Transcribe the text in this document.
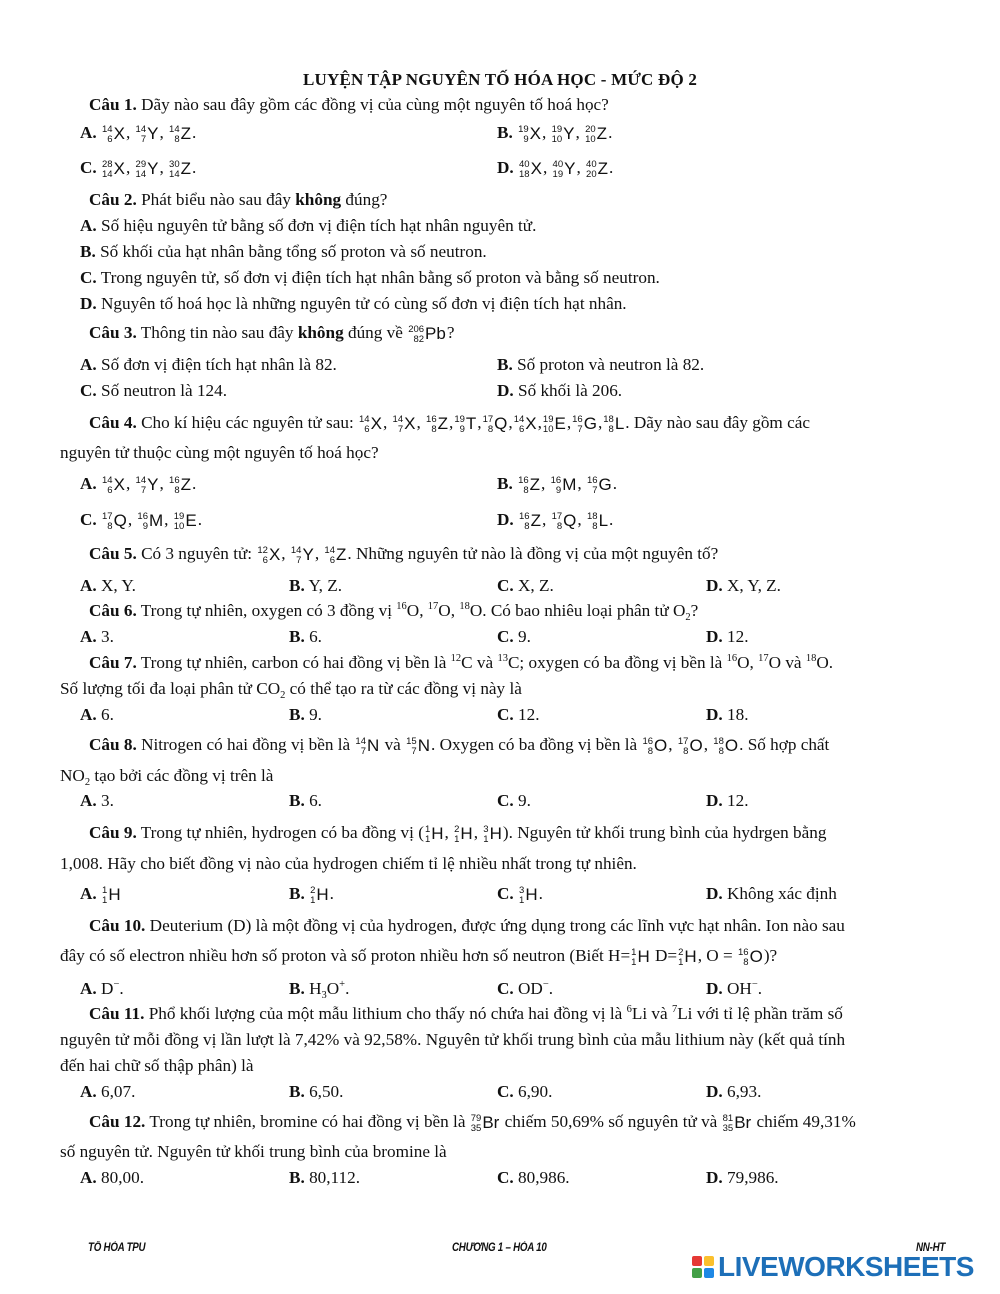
LUYỆN TẬP NGUYÊN TỐ HÓA HỌC - MỨC ĐỘ 2
Câu 1. Dãy nào sau đây gồm các đồng vị của cùng một nguyên tố hoá học?
A. 14
6 X , 14
7 Y , 14
8 Z .	B. 19
9 X , 19
10 Y , 20
10 Z .
C. 28
14 X , 29
14 Y , 30
14 Z .	D. 40
18 X , 40
19 Y , 40
20 Z .
Câu 2. Phát biểu nào sau đây không đúng?
A. Số hiệu nguyên tử bằng số đơn vị điện tích hạt nhân nguyên tử.
B. Số khối của hạt nhân bằng tổng số proton và số neutron.
C. Trong nguyên tử, số đơn vị điện tích hạt nhân bằng số proton và bằng số neutron.
D. Nguyên tố hoá học là những nguyên tử có cùng số đơn vị điện tích hạt nhân.
Câu 3. Thông tin nào sau đây không đúng về 206
82 Pb ?
A. Số đơn vị điện tích hạt nhân là 82.	B. Số proton và neutron là 82.
C. Số neutron là 124.	D. Số khối là 206.
Câu 4. Cho kí hiệu các nguyên tử sau: 14
6 X, 14
7 X, 16
8 Z, 19
9 T, 17
8 Q, 14
6 X, 19
10 E, 16
7 G, 18
8 L. Dãy nào sau đây gồm các
nguyên tử thuộc cùng một nguyên tố hoá học?
A. 14
6 X, 14
7 Y, 16
8 Z.	B. 16
8 Z, 16
9 M, 16
7 G.
C. 17
8 Q, 16
9 M, 19
10 E.	D. 16
8 Z, 17
8 Q, 18
8 L.
Câu 5. Có 3 nguyên tử: 12
6 X, 14
7 Y, 14
6 Z. Những nguyên tử nào là đồng vị của một nguyên tố?
A. X, Y.	B. Y, Z.	C. X, Z.	D. X, Y, Z.
Câu 6. Trong tự nhiên, oxygen có 3 đồng vị $^{16}$O, $^{17}$O, $^{18}$O. Có bao nhiêu loại phân tử $O_2$?
A. 3.	B. 6.	C. 9.	D. 12.
Câu 7. Trong tự nhiên, carbon có hai đồng vị bền là $^{12}$C và $^{13}$C; oxygen có ba đồng vị bền là $^{16}$O, $^{17}$O và $^{18}$O.
Số lượng tối đa loại phân tử $CO_2$ có thể tạo ra từ các đồng vị này là
A. 6.	B. 9.	C. 12.	D. 18.
Câu 8. Nitrogen có hai đồng vị bền là 14
7 N và 15
7 N. Oxygen có ba đồng vị bền là 16
8 O, 17
8 O, 18
8 O. Số hợp chất
$NO_2$ tạo bởi các đồng vị trên là
A. 3.	B. 6.	C. 9.	D. 12.
Câu 9. Trong tự nhiên, hydrogen có ba đồng vị ( 1
1 H, 2
1 H, 3
1 H). Nguyên tử khối trung bình của hydrgen bằng
1,008. Hãy cho biết đồng vị nào của hydrogen chiếm tỉ lệ nhiều nhất trong tự nhiên.
A. 1
1 H	B. 2
1 H.	C. 3
1 H.	D. Không xác định
Câu 10. Deuterium (D) là một đồng vị của hydrogen, được ứng dụng trong các lĩnh vực hạt nhân. Ion nào sau
đây có số electron nhiều hơn số proton và số proton nhiều hơn số neutron (Biết H= 1
1 H D= 2
1 H, O = 16
8 O)?
A. D−.	B. $H_3O^+$.	C. OD−.	D. OH−.
Câu 11. Phổ khối lượng của một mẫu lithium cho thấy nó chứa hai đồng vị là $^6$Li và $^7$Li với tỉ lệ phần trăm số
nguyên tử mỗi đồng vị lần lượt là 7,42% và 92,58%. Nguyên tử khối trung bình của mẫu lithium này (kết quả tính
đến hai chữ số thập phân) là
A. 6,07.	B. 6,50.	C. 6,90.	D. 6,93.
Câu 12. Trong tự nhiên, bromine có hai đồng vị bền là 79
35 Br chiếm 50,69% số nguyên tử và 81
35 Br chiếm 49,31%
số nguyên tử. Nguyên tử khối trung bình của bromine là
A. 80,00.	B. 80,112.	C. 80,986.	D. 79,986.
TỔ HÓA TPU	CHƯƠNG 1 – HÓA 10	NN-HT
LIVEWORKSHEETS
